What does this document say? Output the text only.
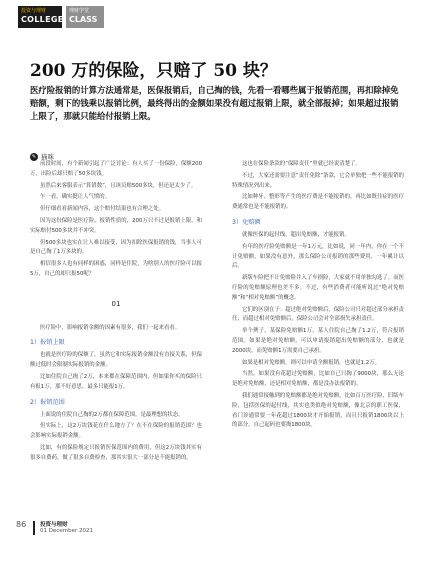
投资与理财
COLLEGE
理财学堂
CLASS
200 万的保险，只赔了 50 块？

医疗险报销的计算方法通常是，医保报销后，自己掏的钱，先看一看哪些属于报销范围，再扣除掉免赔额，剩下的钱乘以报销比例，最终得出的金额如果没有超过报销上限，就全部报掉；如果超过报销上限了，那就只能给付报销上限。

✎ 猫咪

前段时间，有个新闻引起了广泛讨论：有人买了一份保险，保额200万，出险后却只赔了50多块钱。

虽然后来客服表示“算错数”，且该员赔500多块，但还是太少了。

乍一看，确实挺让人气愤的。

但仔细看看新闻内容，这个赔付结果也有合理之处。

因为这份保险是医疗险，报销性质的，200万只不过是报销上限，和实际赔付500多块并不冲突。

但500多块也实在让人难以接受，因为扣除医保报销的钱，当事人可是自己掏了1万多块的。

相信很多人也有同样的困惑，同样是住院，为啥别人的医疗险可以报5万，自己的却只报50呢？

01

医疗险中，影响报销金额的因素有很多，我们一起来看看。

1）报销上限

也就是医疗险的保额了，虽然它和实际报销金额没有直接关系，但保额过低时会限制实际报销的金额。

比如住院自己掏了2万，本来都在保障范围内，但如果你买的保险只有报1万，那不好意思，最多只能报1万。

2）报销范围

上面说的住院自己掏的2万都在保障范围，是最理想的状态。

但实际上，这2万块钱花在什么地方了？在不在保险的报销范围？也会影响实际报销金额。

比如，有的保险规定只报销医保范围内的费用，但这2万块钱其实有很多自费药，做了很多自费检查，那其实很大一部分是不能报销的。

这也在保险条款的“保障责任”里就已经说清楚了。

不过，大家还需要注意“责任免除”条款，它会单独把一些不能报销的特殊情况列出来。

比如种牙、整形等产生的医疗费是不能报销的，再比如既往症的医疗费通常也是不能报销的。

3）免赔额

就像医保的起付线，超出免赔额，才能报销。

有年的医疗险免赔额是一年1万元，比如说，同一年内，你在一个不计免赔额，如果没有意外，那么保险公司报销的那些费用，一年累计以后。

新版车险把不计免赔险并入了车损险，大家就不用单独勾选了。而医疗险的免赔额原理也差不多。不过，有些消费者可能听说过“绝对免赔额”和“相对免赔额”的概念。

它们的区别在于：超过绝对免赔额后，保险公司只对超过部分承担责任；而超过相对免赔额后，保险公司会对全部损失承担责任。

举个例子，某保险免赔额1万，某人住院自己掏了1.2万，符合报销范围。如果是绝对免赔额，可以申请报销超出免赔额的部分，也就是2000块，而免赔额1万需要自己承担。

如果是相对免赔额，则可以申请全额报销，也就是1.2万。

当然，如果没有花超过免赔额，比如自己只掏了9000块，那么无论是绝对免赔额，还是相对免赔额，都是没办法报销的。

我们通常接触到的免赔额都是绝对免赔额，比如百万医疗险，旧版车险，包括医保的起付线，其实也类似绝对免赔额，像北京的职工医保，看门诊通常要一年花超过1800块才开始报销，而且只报销1800块以上的部分，自己起码也要掏1800块。

86	投资与理财
01 December 2021
